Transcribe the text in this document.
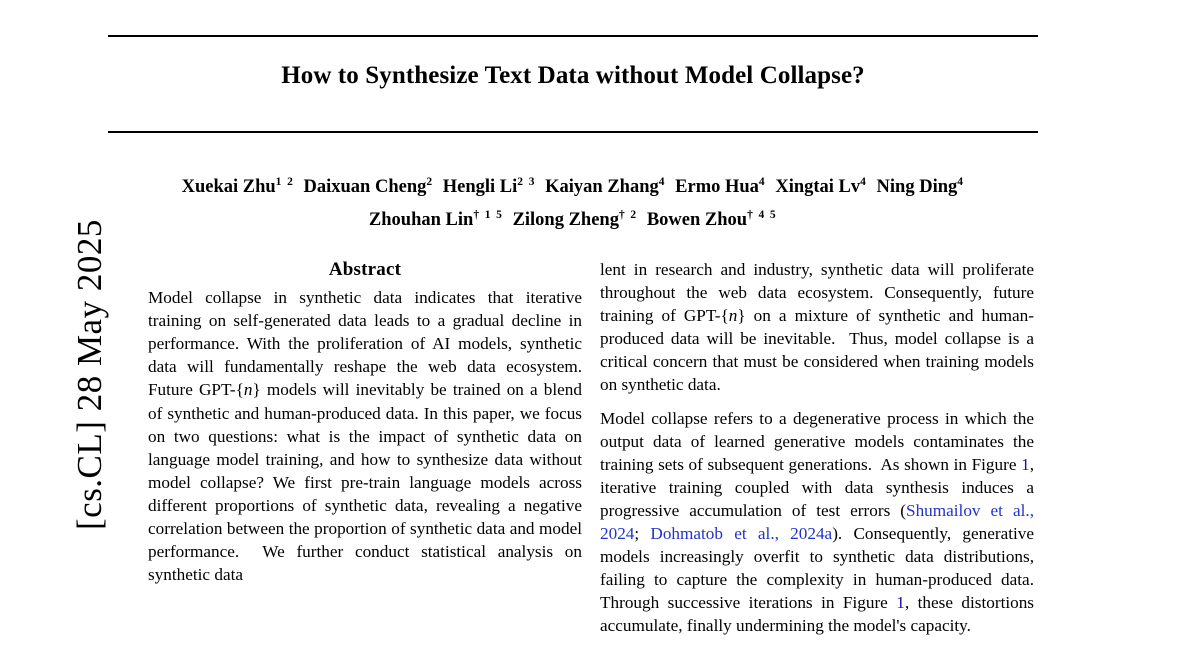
[cs.CL] 28 May 2025
How to Synthesize Text Data without Model Collapse?
Xuekai Zhu$^{1 2}$ Daixuan Cheng$^2$ Hengli $Li^{2 3}$ Kaiyan Zhang$^4$ Ermo Hua$^4$ Xingtai Lv$^4$ Ning Ding$^4$
Zhouhan Lin$^{\dagger 1 5}$ Zilong Zheng$^{\dagger 2}$ Bowen Zhou$^{\dagger 4 5}$
Abstract

Model collapse in synthetic data indicates that iterative training on self-generated data leads to a gradual decline in performance. With the proliferation of AI models, synthetic data will fundamentally reshape the web data ecosystem. Future GPT-{n} models will inevitably be trained on a blend of synthetic and human-produced data. In this paper, we focus on two questions: what is the impact of synthetic data on language model training, and how to synthesize data without model collapse? We first pre-train language models across different proportions of synthetic data, revealing a negative correlation between the proportion of synthetic data and model performance.  We further conduct statistical analysis on synthetic data

lent in research and industry, synthetic data will proliferate throughout the web data ecosystem. Consequently, future training of GPT-{n} on a mixture of synthetic and human-produced data will be inevitable.  Thus, model collapse is a critical concern that must be considered when training models on synthetic data.

Model collapse refers to a degenerative process in which the output data of learned generative models contaminates the training sets of subsequent generations.  As shown in Figure 1, iterative training coupled with data synthesis induces a progressive accumulation of test errors (Shumailov et al., 2024; Dohmatob et al., 2024a). Consequently, generative models increasingly overfit to synthetic data distributions, failing to capture the complexity in human-produced data. Through successive iterations in Figure 1, these distortions accumulate, finally undermining the model's capacity.
